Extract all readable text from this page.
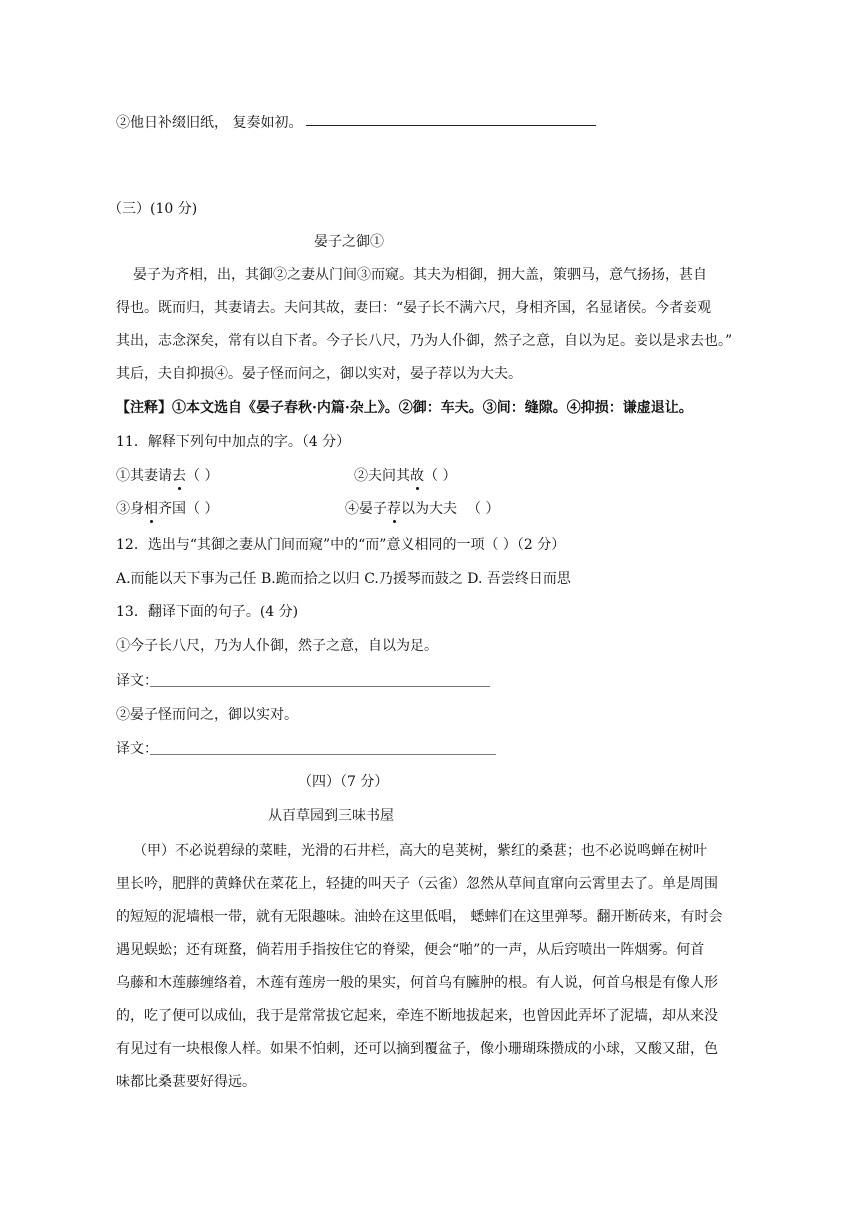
②他日补缀旧纸， 复奏如初。
（三）(10 分)
晏子之御①
晏子为齐相，出，其御②之妻从门间③而窥。其夫为相御，拥大盖，策驷马，意气扬扬，甚自
得也。既而归，其妻请去。夫问其故，妻曰：“晏子长不满六尺，身相齐国，名显诸侯。今者妾观
其出，志念深矣，常有以自下者。今子长八尺，乃为人仆御，然子之意，自以为足。妾以是求去也。”
其后，夫自抑损④。晏子怪而问之，御以实对，晏子荐以为大夫。
【注释】①本文选自《晏子春秋·内篇·杂上》。②御：车夫。③间：缝隙。④抑损：谦虚退让。
11．解释下列句中加点的字。（4 分）
①其妻请去（ ）	②夫问其故（ ）
③身相齐国（ ）	④晏子荐以为大夫 （ ）
12．选出与“其御之妻从门间而窥”中的“而”意义相同的一项（ ）（2 分）
A.而能以天下事为己任 B.跪而拾之以归 C.乃援琴而鼓之 D. 吾尝终日而思
13．翻译下面的句子。(4 分)
①今子长八尺，乃为人仆御，然子之意，自以为足。
译文：
②晏子怪而问之，御以实对。
译文：
（四）（7 分）
从百草园到三味书屋
（甲）不必说碧绿的菜畦，光滑的石井栏，高大的皂荚树，紫红的桑葚；也不必说鸣蝉在树叶
里长吟，肥胖的黄蜂伏在菜花上，轻捷的叫天子（云雀）忽然从草间直窜向云霄里去了。单是周围
的短短的泥墙根一带，就有无限趣味。油蛉在这里低唱， 蟋蟀们在这里弹琴。翻开断砖来，有时会
遇见蜈蚣；还有斑蝥，倘若用手指按住它的脊梁，便会“啪”的一声，从后窍喷出一阵烟雾。何首
乌藤和木莲藤缠络着，木莲有莲房一般的果实，何首乌有臃肿的根。有人说，何首乌根是有像人形
的，吃了便可以成仙，我于是常常拔它起来，牵连不断地拔起来，也曾因此弄坏了泥墙，却从来没
有见过有一块根像人样。如果不怕刺，还可以摘到覆盆子，像小珊瑚珠攒成的小球，又酸又甜，色
味都比桑葚要好得远。
